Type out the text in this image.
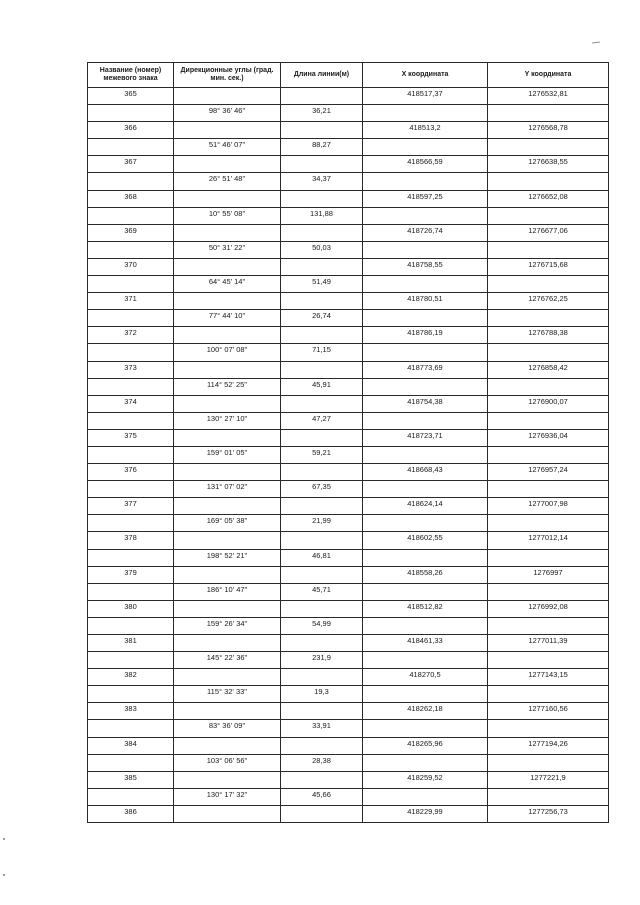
Название (номер) межевого знака	Дирекционные углы (град. мин. сек.)	Длина линии(м)	X координата	Y координата
365			418517,37	1276532,81
	98° 36' 46"	36,21		
366			418513,2	1276568,78
	51° 46' 07"	88,27		
367			418566,59	1276638,55
	26° 51' 48"	34,37		
368			418597,25	1276652,08
	10° 55' 08"	131,88		
369			418726,74	1276677,06
	50° 31' 22"	50,03		
370			418758,55	1276715,68
	64° 45' 14"	51,49		
371			418780,51	1276762,25
	77° 44' 10"	26,74		
372			418786,19	1276788,38
	100° 07' 08"	71,15		
373			418773,69	1276858,42
	114° 52' 25"	45,91		
374			418754,38	1276900,07
	130° 27' 10"	47,27		
375			418723,71	1276936,04
	159° 01' 05"	59,21		
376			418668,43	1276957,24
	131° 07' 02"	67,35		
377			418624,14	1277007,98
	169° 05' 38"	21,99		
378			418602,55	1277012,14
	198° 52' 21"	46,81		
379			418558,26	1276997
	186° 10' 47"	45,71		
380			418512,82	1276992,08
	159° 26' 34"	54,99		
381			418461,33	1277011,39
	145° 22' 36"	231,9		
382			418270,5	1277143,15
	115° 32' 33"	19,3		
383			418262,18	1277160,56
	83° 36' 09"	33,91		
384			418265,96	1277194,26
	103° 06' 56"	28,38		
385			418259,52	1277221,9
	130° 17' 32"	45,66		
386			418229,99	1277256,73
